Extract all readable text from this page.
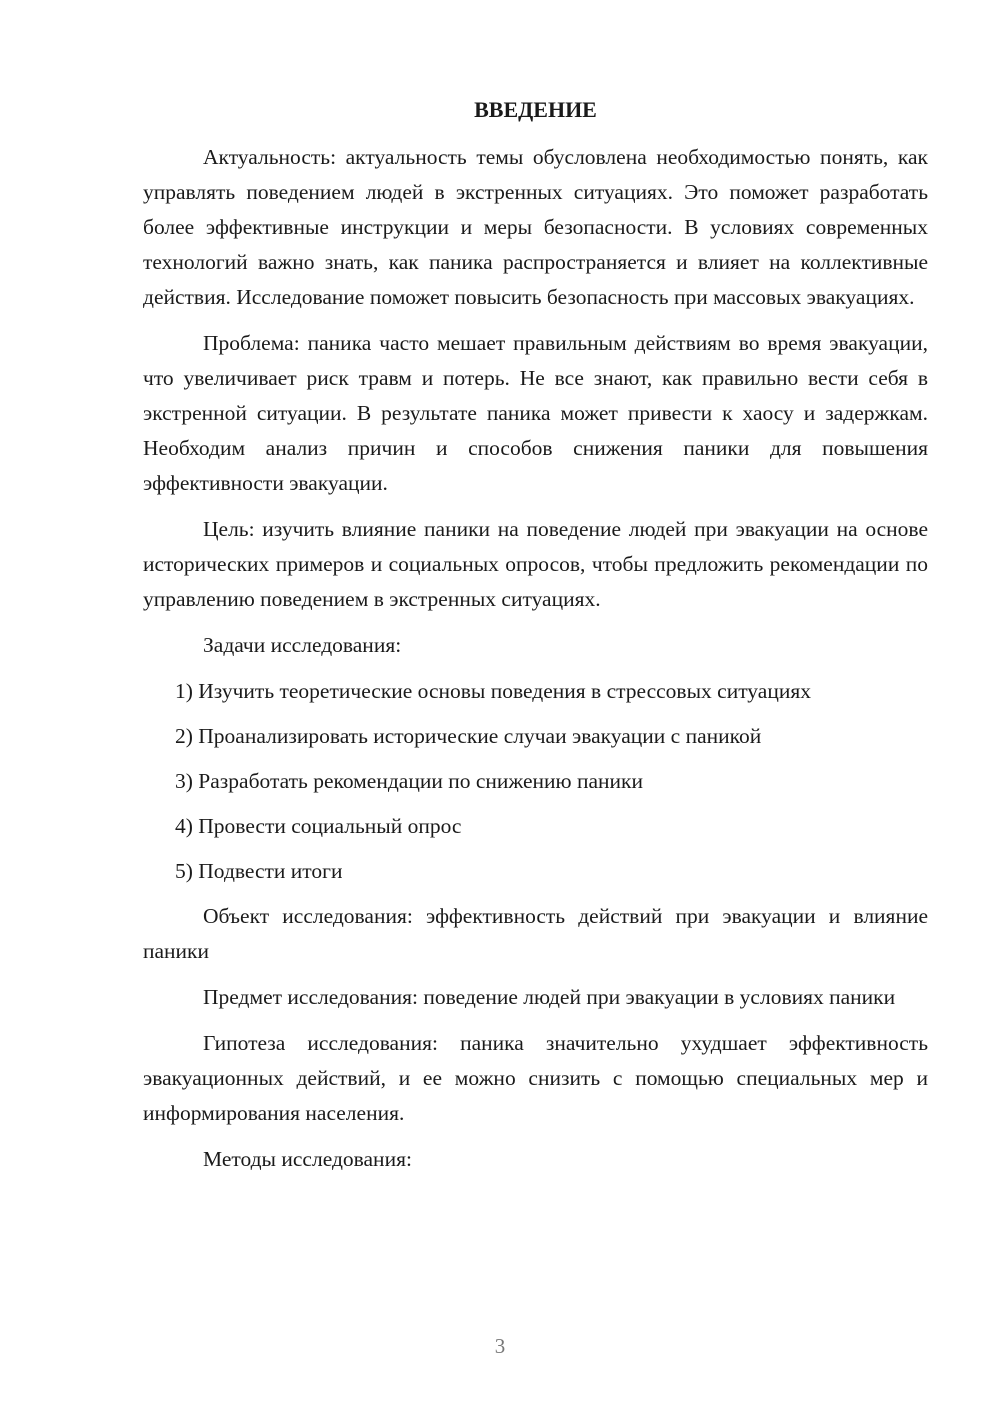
ВВЕДЕНИЕ

Актуальность: актуальность темы обусловлена необходимостью понять, как управлять поведением людей в экстренных ситуациях. Это поможет разработать более эффективные инструкции и меры безопасности. В условиях современных технологий важно знать, как паника распространяется и влияет на коллективные действия. Исследование поможет повысить безопасность при массовых эвакуациях.

Проблема: паника часто мешает правильным действиям во время эвакуации, что увеличивает риск травм и потерь. Не все знают, как правильно вести себя в экстренной ситуации. В результате паника может привести к хаосу и задержкам. Необходим анализ причин и способов снижения паники для повышения эффективности эвакуации.

Цель: изучить влияние паники на поведение людей при эвакуации на основе исторических примеров и социальных опросов, чтобы предложить рекомендации по управлению поведением в экстренных ситуациях.

Задачи исследования:

1) Изучить теоретические основы поведения в стрессовых ситуациях
2) Проанализировать исторические случаи эвакуации с паникой
3) Разработать рекомендации по снижению паники
4) Провести социальный опрос
5) Подвести итоги

Объект исследования: эффективность действий при эвакуации и влияние паники

Предмет исследования: поведение людей при эвакуации в условиях паники

Гипотеза исследования: паника значительно ухудшает эффективность эвакуационных действий, и ее можно снизить с помощью специальных мер и информирования населения.

Методы исследования:

3
